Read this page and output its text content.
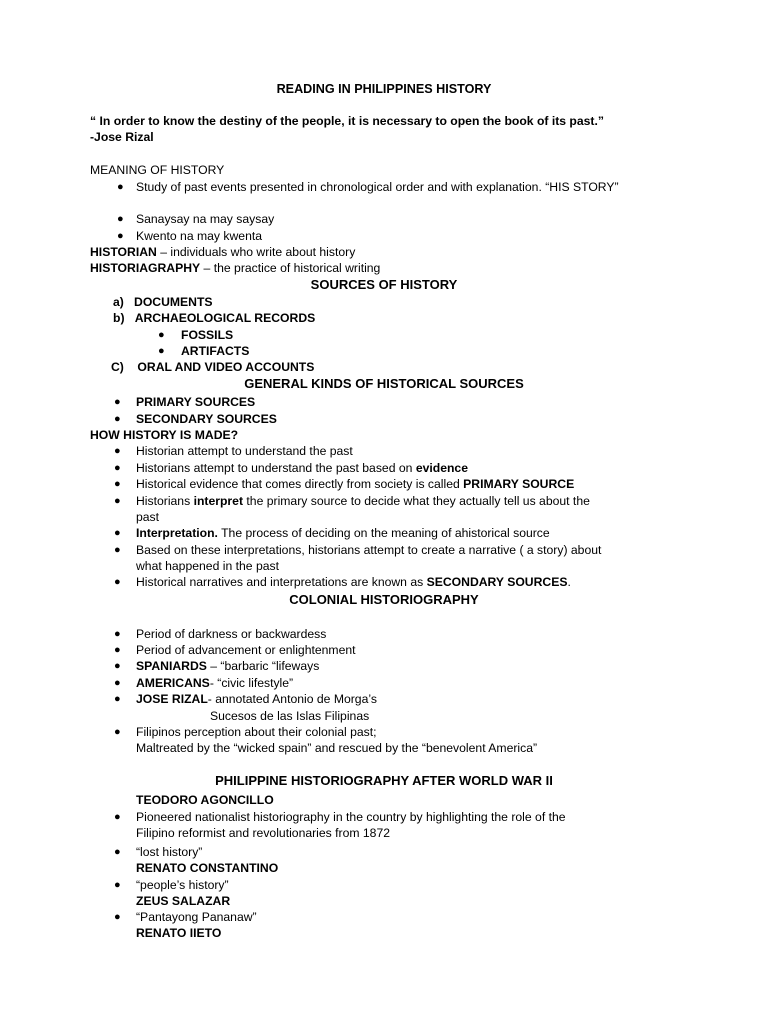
READING IN PHILIPPINES HISTORY
“ In order to know the destiny of the people, it is necessary to open the book of its past.”
-Jose Rizal
MEANING OF HISTORY
● Study of past events presented in chronological order and with explanation. “HIS STORY”
● Sanaysay na may saysay
● Kwento na may kwenta
HISTORIAN – individuals who write about history
HISTORIAGRAPHY – the practice of historical writing
SOURCES OF HISTORY
a) DOCUMENTS
b) ARCHAEOLOGICAL RECORDS
● FOSSILS
● ARTIFACTS
C) ORAL AND VIDEO ACCOUNTS
GENERAL KINDS OF HISTORICAL SOURCES
● PRIMARY SOURCES
● SECONDARY SOURCES
HOW HISTORY IS MADE?
● Historian attempt to understand the past
● Historians attempt to understand the past based on evidence
● Historical evidence that comes directly from society is called PRIMARY SOURCE
● Historians interpret the primary source to decide what they actually tell us about the
past
● Interpretation. The process of deciding on the meaning of ahistorical source
● Based on these interpretations, historians attempt to create a narrative ( a story) about
what happened in the past
● Historical narratives and interpretations are known as SECONDARY SOURCES.
COLONIAL HISTORIOGRAPHY
● Period of darkness or backwardess
● Period of advancement or enlightenment
● SPANIARDS – “barbaric “lifeways
● AMERICANS- “civic lifestyle”
● JOSE RIZAL- annotated Antonio de Morga’s
Sucesos de las Islas Filipinas
● Filipinos perception about their colonial past;
Maltreated by the “wicked spain” and rescued by the “benevolent America”
PHILIPPINE HISTORIOGRAPHY AFTER WORLD WAR II
TEODORO AGONCILLO
● Pioneered nationalist historiography in the country by highlighting the role of the
Filipino reformist and revolutionaries from 1872
● “lost history”
RENATO CONSTANTINO
● “people’s history”
ZEUS SALAZAR
● “Pantayong Pananaw”
RENATO IIETO
